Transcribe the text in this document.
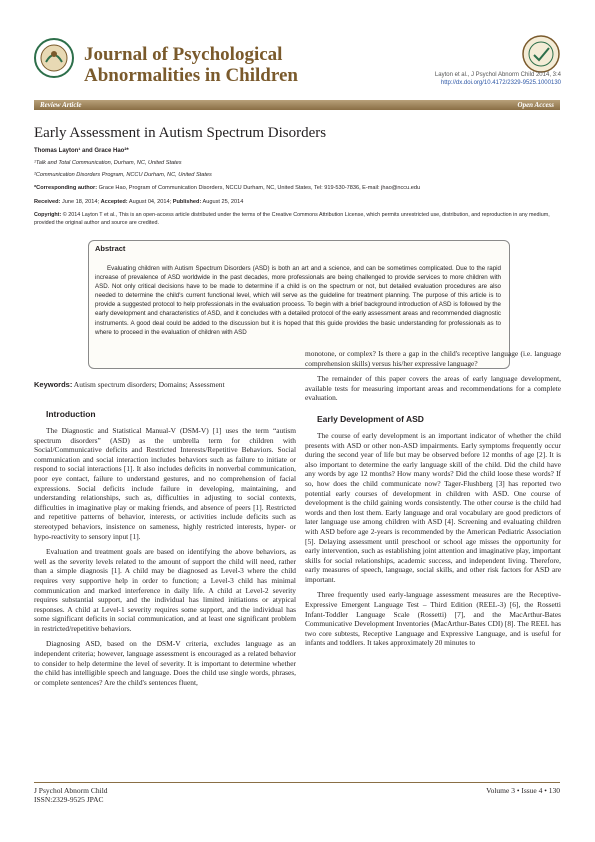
Journal of Psychological
Abnormalities in Children	Layton et al., J Psychol Abnorm Child 2014, 3:4
http://dx.doi.org/10.4172/2329-9525.1000130
Review Article	Open Access
Early Assessment in Autism Spectrum Disorders
Thomas Layton¹ and Grace Hao²*
¹Talk and Total Communication, Durham, NC, United States
²Communication Disorders Program, NCCU Durham, NC, United States
*Corresponding author: Grace Hao, Program of Communication Disorders, NCCU Durham, NC, United States, Tel: 919-530-7836, E-mail: jhao@nccu.edu
Received: June 18, 2014; Accepted: August 04, 2014; Published: August 25, 2014
Copyright: © 2014 Layton T et al., This is an open-access article distributed under the terms of the Creative Commons Attribution License, which permits unrestricted use, distribution, and reproduction in any medium, provided the original author and source are credited.
Abstract
Evaluating children with Autism Spectrum Disorders (ASD) is both an art and a science, and can be sometimes complicated. Due to the rapid increase of prevalence of ASD worldwide in the past decades, more professionals are being challenged to provide services to more children with ASD. Not only critical decisions have to be made to determine if a child is on the spectrum or not, but detailed evaluation procedures are also needed to determine the child's current functional level, which will serve as the guideline for treatment planning. The purpose of this article is to provide a suggested protocol to help professionals in the evaluation process. To begin with a brief background introduction of ASD is followed by the early development and characteristics of ASD, and it concludes with a detailed protocol of the early assessment areas and recommended diagnostic instruments. A good deal could be added to the discussion but it is hoped that this guide provides the basic understanding for professionals as to where to proceed in the evaluation of children with ASD
Keywords: Autism spectrum disorders; Domains; Assessment

Introduction

The Diagnostic and Statistical Manual-V (DSM-V) [1] uses the term “autism spectrum disorders” (ASD) as the umbrella term for children with Social/Communicative deficits and Restricted Interests/Repetitive Behaviors. Social communication and social interaction includes behaviors such as failure to initiate or respond to social interactions [1]. It also includes deficits in nonverbal communication, poor eye contact, failure to understand gestures, and no comprehension of facial expressions. Social deficits include failure in developing, maintaining, and understanding relationships, such as, difficulties in adjusting to social contexts, difficulties in imaginative play or making friends, and absence of peers [1]. Restricted and repetitive patterns of behavior, interests, or activities include deficits such as stereotyped behaviors, insistence on sameness, highly restricted interests, hyper- or hypo-reactivity to sensory input [1].

Evaluation and treatment goals are based on identifying the above behaviors, as well as the severity levels related to the amount of support the child will need, rather than a simple diagnosis [1]. A child may be diagnosed as Level-3 where the child requires very supportive help in order to function; a Level-3 child has minimal communication and marked interference in daily life. A child at Level-2 severity requires substantial support, and the individual has limited initiations or atypical responses. A child at Level-1 severity requires some support, and the individual has some significant deficits in social communication, and at least one significant problem in restricted/repetitive behaviors.

Diagnosing ASD, based on the DSM-V criteria, excludes language as an independent criteria; however, language assessment is encouraged as a related behavior to consider to help determine the level of severity. It is important to determine whether the child has intelligible speech and language. Does the child use single words, phrases, or complete sentences? Are the child's sentences fluent,

monotone, or complex? Is there a gap in the child's receptive language (i.e. language comprehension skills) versus his/her expressive language?

The remainder of this paper covers the areas of early language development, available tests for measuring important areas and recommendations for a complete evaluation.

Early Development of ASD

The course of early development is an important indicator of whether the child presents with ASD or other non-ASD impairments. Early symptoms frequently occur during the second year of life but may be observed before 12 months of age [2]. It is also important to determine the early language skill of the child. Did the child have any words by age 12 months? How many words? Did the child loose these words? If so, how does the child communicate now? Tager-Flushberg [3] has reported two potential early courses of development in children with ASD. One course of development is the child gaining words consistently. The other course is the child had words and then lost them. Early language and oral vocabulary are good predictors of later language use among children with ASD [4]. Screening and evaluating children with ASD before age 2-years is recommended by the American Pediatric Association [5]. Delaying assessment until preschool or school age misses the opportunity for early intervention, such as establishing joint attention and imaginative play, important skills for social relationships, academic success, and independent living. Therefore, early measures of speech, language, social skills, and other risk factors for ASD are important.

Three frequently used early-language assessment measures are the Receptive-Expressive Emergent Language Test – Third Edition (REEL-3) [6], the Rossetti Infant-Toddler Language Scale (Rossetti) [7], and the MacArthur-Bates Communicative Development Inventories (MacArthur-Bates CDI) [8]. The REEL has two core subtests, Receptive Language and Expressive Language, and is useful for infants and toddlers. It takes approximately 20 minutes to

J Psychol Abnorm Child
ISSN:2329-9525 JPAC
Volume 3 • Issue 4 • 130
